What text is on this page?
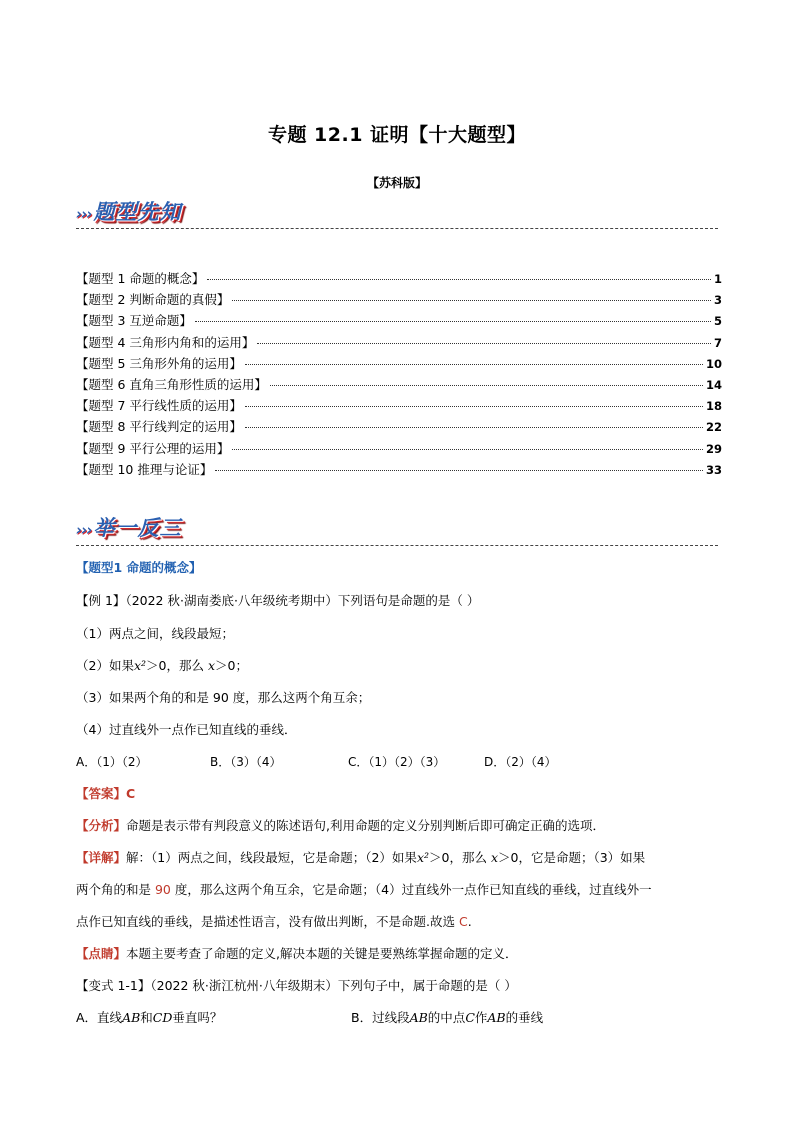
专题 12.1 证明【十大题型】
【苏科版】
›››题型先知
【题型 1 命题的概念】	1
【题型 2 判断命题的真假】	3
【题型 3 互逆命题】	5
【题型 4 三角形内角和的运用】	7
【题型 5 三角形外角的运用】	10
【题型 6 直角三角形性质的运用】	14
【题型 7 平行线性质的运用】	18
【题型 8 平行线判定的运用】	22
【题型 9 平行公理的运用】	29
【题型 10 推理与论证】	33
›››举一反三
【题型1 命题的概念】
【例 1】（2022 秋·湖南娄底·八年级统考期中）下列语句是命题的是（ ）
（1）两点之间，线段最短；
（2）如果x²＞0，那么 x＞0；
（3）如果两个角的和是 90 度，那么这两个角互余；
（4）过直线外一点作已知直线的垂线．
A．（1）（2）	B．（3）（4）	C．（1）（2）（3）	D．（2）（4）
【答案】C
【分析】命题是表示带有判段意义的陈述语句,利用命题的定义分别判断后即可确定正确的选项．
【详解】解：（1）两点之间，线段最短，它是命题；（2）如果x²＞0，那么 x＞0，它是命题；（3）如果
两个角的和是 90 度，那么这两个角互余，它是命题；（4）过直线外一点作已知直线的垂线，过直线外一
点作已知直线的垂线，是描述性语言，没有做出判断，不是命题.故选 C.
【点睛】本题主要考查了命题的定义,解决本题的关键是要熟练掌握命题的定义．
【变式 1-1】（2022 秋·浙江杭州·八年级期末）下列句子中，属于命题的是（ ）
A．直线AB和CD垂直吗？	B．过线段AB的中点C作AB的垂线
